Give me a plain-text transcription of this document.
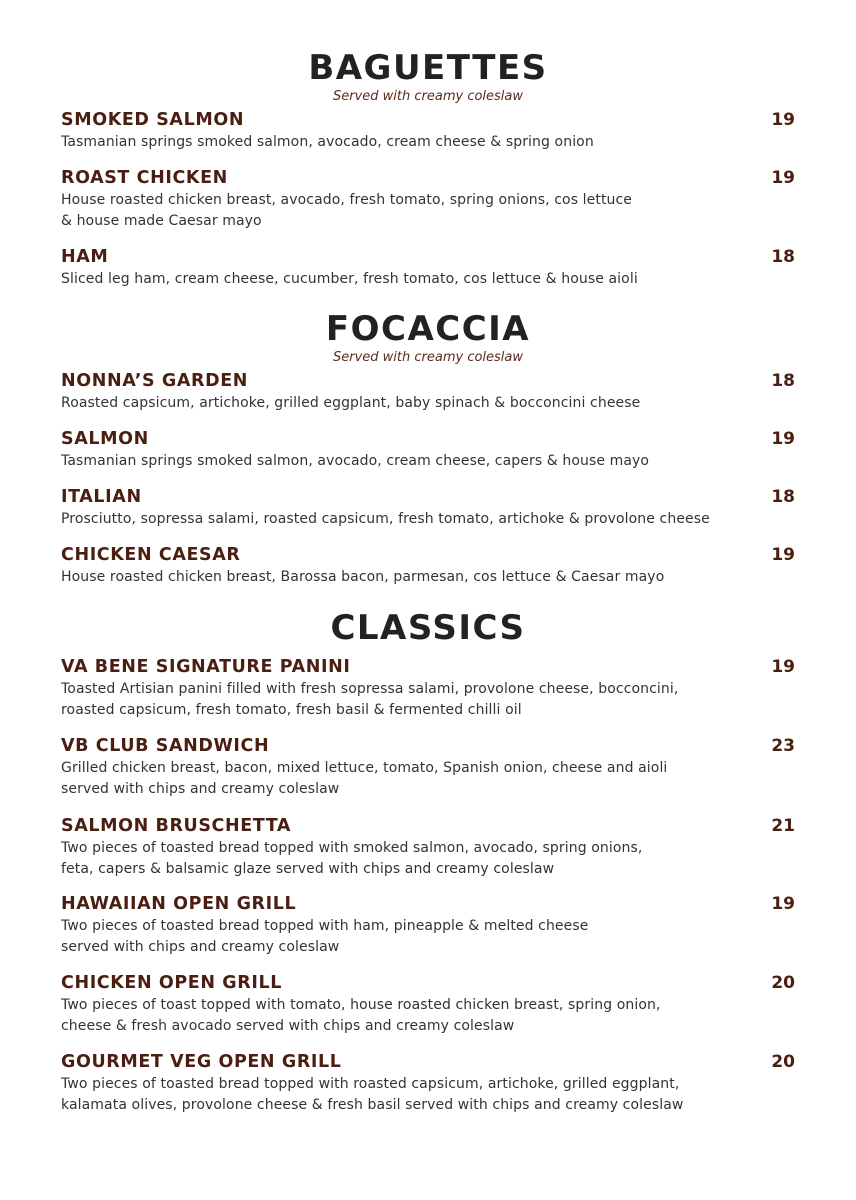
BAGUETTES
Served with creamy coleslaw
SMOKED SALMON	19
Tasmanian springs smoked salmon, avocado, cream cheese & spring onion
ROAST CHICKEN	19
House roasted chicken breast, avocado, fresh tomato, spring onions, cos lettuce
& house made Caesar mayo
HAM	18
Sliced leg ham, cream cheese, cucumber, fresh tomato, cos lettuce & house aioli
FOCACCIA
Served with creamy coleslaw
NONNA’S GARDEN	18
Roasted capsicum, artichoke, grilled eggplant, baby spinach & bocconcini cheese
SALMON	19
Tasmanian springs smoked salmon, avocado, cream cheese, capers & house mayo
ITALIAN	18
Prosciutto, sopressa salami, roasted capsicum, fresh tomato, artichoke & provolone cheese
CHICKEN CAESAR	19
House roasted chicken breast, Barossa bacon, parmesan, cos lettuce & Caesar mayo
CLASSICS
VA BENE SIGNATURE PANINI	19
Toasted Artisian panini filled with fresh sopressa salami, provolone cheese, bocconcini,
roasted capsicum, fresh tomato, fresh basil & fermented chilli oil
VB CLUB SANDWICH	23
Grilled chicken breast, bacon, mixed lettuce, tomato, Spanish onion, cheese and aioli
served with chips and creamy coleslaw
SALMON BRUSCHETTA	21
Two pieces of toasted bread topped with smoked salmon, avocado, spring onions,
feta, capers & balsamic glaze served with chips and creamy coleslaw
HAWAIIAN OPEN GRILL	19
Two pieces of toasted bread topped with ham, pineapple & melted cheese
served with chips and creamy coleslaw
CHICKEN OPEN GRILL	20
Two pieces of toast topped with tomato, house roasted chicken breast, spring onion,
cheese & fresh avocado served with chips and creamy coleslaw
GOURMET VEG OPEN GRILL	20
Two pieces of toasted bread topped with roasted capsicum, artichoke, grilled eggplant,
kalamata olives, provolone cheese & fresh basil served with chips and creamy coleslaw
